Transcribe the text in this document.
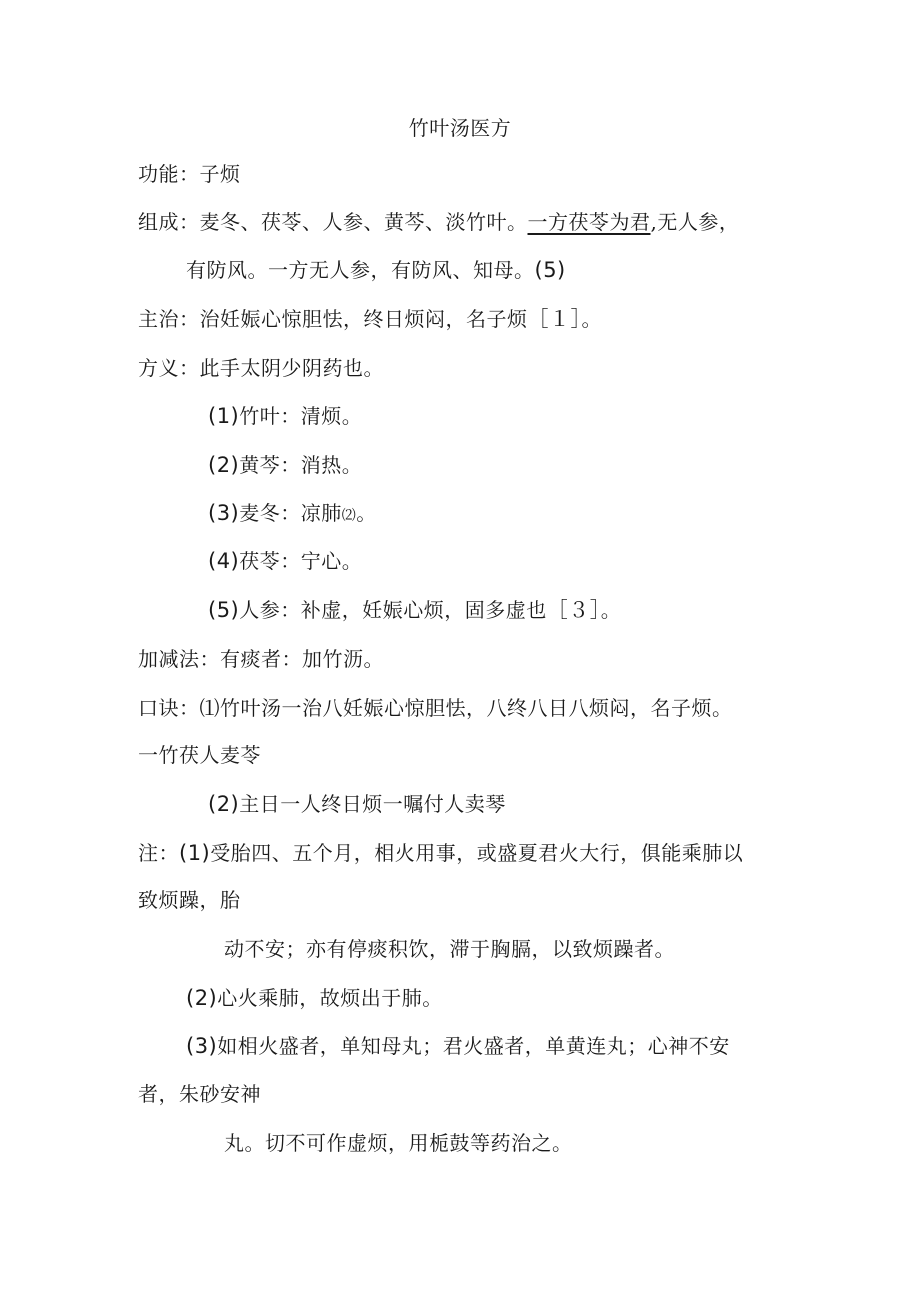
竹叶汤医方
功能：子烦
组成：麦冬、茯苓、人参、黄芩、淡竹叶。一方茯苓为君,无人参，
有防风。一方无人参，有防风、知母。(5)
主治：治妊娠心惊胆怯，终日烦闷，名子烦［１］。
方义：此手太阴少阴药也。
(1)竹叶：清烦。
(2)黄芩：消热。
(3)麦冬：凉肺⑵。
(4)茯苓：宁心。
(5)人参：补虚，妊娠心烦，固多虚也［３］。
加减法：有痰者：加竹沥。
口诀：⑴竹叶汤一治八妊娠心惊胆怯，八终八日八烦闷，名子烦。
一竹茯人麦苓
(2)主日一人终日烦一嘱付人卖琴
注：(1)受胎四、五个月，相火用事，或盛夏君火大行，俱能乘肺以
致烦躁，胎
动不安；亦有停痰积饮，滞于胸膈，以致烦躁者。
(2)心火乘肺，故烦出于肺。
(3)如相火盛者，单知母丸；君火盛者，单黄连丸；心神不安
者，朱砂安神
丸。切不可作虚烦，用栀鼓等药治之。
